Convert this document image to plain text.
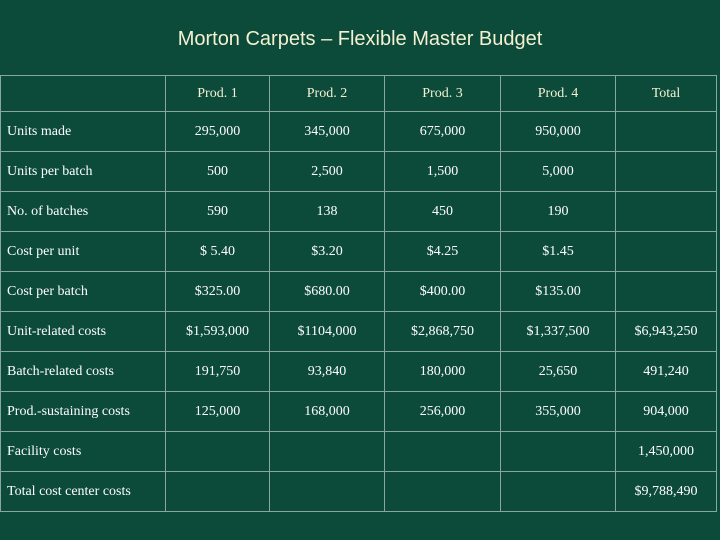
Morton Carpets – Flexible Master Budget
	Prod. 1	Prod. 2	Prod. 3	Prod. 4	Total
Units made	295,000	345,000	675,000	950,000	
Units per batch	500	2,500	1,500	5,000	
No. of batches	590	138	450	190	
Cost per unit	$ 5.40	$3.20	$4.25	$1.45	
Cost per batch	$325.00	$680.00	$400.00	$135.00	
Unit-related costs	$1,593,000	$1104,000	$2,868,750	$1,337,500	$6,943,250
Batch-related costs	191,750	93,840	180,000	25,650	491,240
Prod.-sustaining costs	125,000	168,000	256,000	355,000	904,000
Facility costs					1,450,000
Total cost center costs					$9,788,490
